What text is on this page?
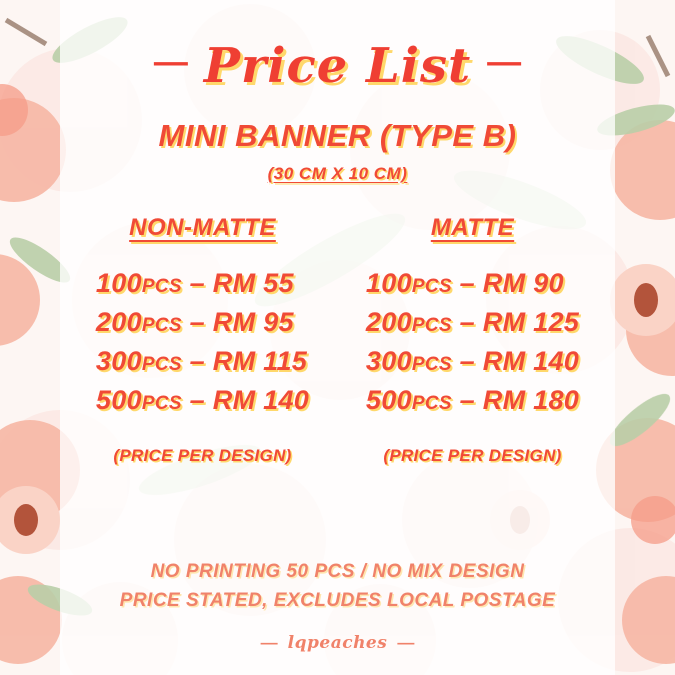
— Price List —
MINI BANNER (TYPE B)
(30 CM X 10 CM)
NON-MATTE
100PCS – RM 55
200PCS – RM 95
300PCS – RM 115
500PCS – RM 140
(PRICE PER DESIGN)
MATTE
100PCS – RM 90
200PCS – RM 125
300PCS – RM 140
500PCS – RM 180
(PRICE PER DESIGN)
NO PRINTING 50 PCS / NO MIX DESIGN
PRICE STATED, EXCLUDES LOCAL POSTAGE
— lqpeaches —
